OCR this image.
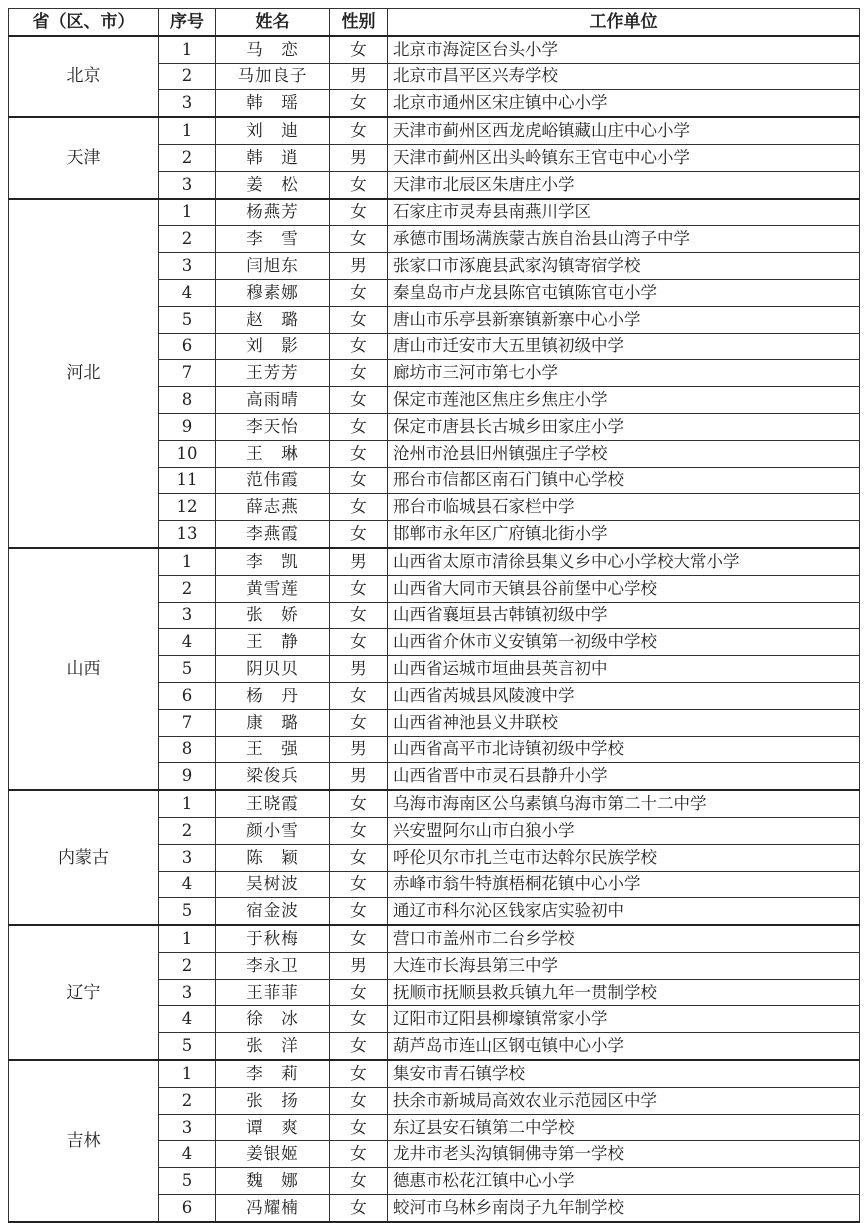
省（区、市）	序号	姓名	性别	工作单位
北京	1	马　恋	女	北京市海淀区台头小学
	2	马加良子	男	北京市昌平区兴寿学校
	3	韩　瑶	女	北京市通州区宋庄镇中心小学
天津	1	刘　迪	女	天津市蓟州区西龙虎峪镇藏山庄中心小学
	2	韩　逍	男	天津市蓟州区出头岭镇东王官屯中心小学
	3	姜　松	女	天津市北辰区朱唐庄小学
河北	1	杨燕芳	女	石家庄市灵寿县南燕川学区
	2	李　雪	女	承德市围场满族蒙古族自治县山湾子中学
	3	闫旭东	男	张家口市涿鹿县武家沟镇寄宿学校
	4	穆素娜	女	秦皇岛市卢龙县陈官屯镇陈官屯小学
	5	赵　璐	女	唐山市乐亭县新寨镇新寨中心小学
	6	刘　影	女	唐山市迁安市大五里镇初级中学
	7	王芳芳	女	廊坊市三河市第七小学
	8	高雨晴	女	保定市莲池区焦庄乡焦庄小学
	9	李天怡	女	保定市唐县长古城乡田家庄小学
	10	王　琳	女	沧州市沧县旧州镇强庄子学校
	11	范伟霞	女	邢台市信都区南石门镇中心学校
	12	薛志燕	女	邢台市临城县石家栏中学
	13	李燕霞	女	邯郸市永年区广府镇北街小学
山西	1	李　凯	男	山西省太原市清徐县集义乡中心小学校大常小学
	2	黄雪莲	女	山西省大同市天镇县谷前堡中心学校
	3	张　娇	女	山西省襄垣县古韩镇初级中学
	4	王　静	女	山西省介休市义安镇第一初级中学校
	5	阴贝贝	男	山西省运城市垣曲县英言初中
	6	杨　丹	女	山西省芮城县风陵渡中学
	7	康　璐	女	山西省神池县义井联校
	8	王　强	男	山西省高平市北诗镇初级中学校
	9	梁俊兵	男	山西省晋中市灵石县静升小学
内蒙古	1	王晓霞	女	乌海市海南区公乌素镇乌海市第二十二中学
	2	颜小雪	女	兴安盟阿尔山市白狼小学
	3	陈　颖	女	呼伦贝尔市扎兰屯市达斡尔民族学校
	4	吴树波	女	赤峰市翁牛特旗梧桐花镇中心小学
	5	宿金波	女	通辽市科尔沁区钱家店实验初中
辽宁	1	于秋梅	女	营口市盖州市二台乡学校
	2	李永卫	男	大连市长海县第三中学
	3	王菲菲	女	抚顺市抚顺县救兵镇九年一贯制学校
	4	徐　冰	女	辽阳市辽阳县柳壕镇常家小学
	5	张　洋	女	葫芦岛市连山区钢屯镇中心小学
吉林	1	李　莉	女	集安市青石镇学校
	2	张　扬	女	扶余市新城局高效农业示范园区中学
	3	谭　爽	女	东辽县安石镇第二中学校
	4	姜银姬	女	龙井市老头沟镇铜佛寺第一学校
	5	魏　娜	女	德惠市松花江镇中心小学
	6	冯耀楠	女	蛟河市乌林乡南岗子九年制学校
